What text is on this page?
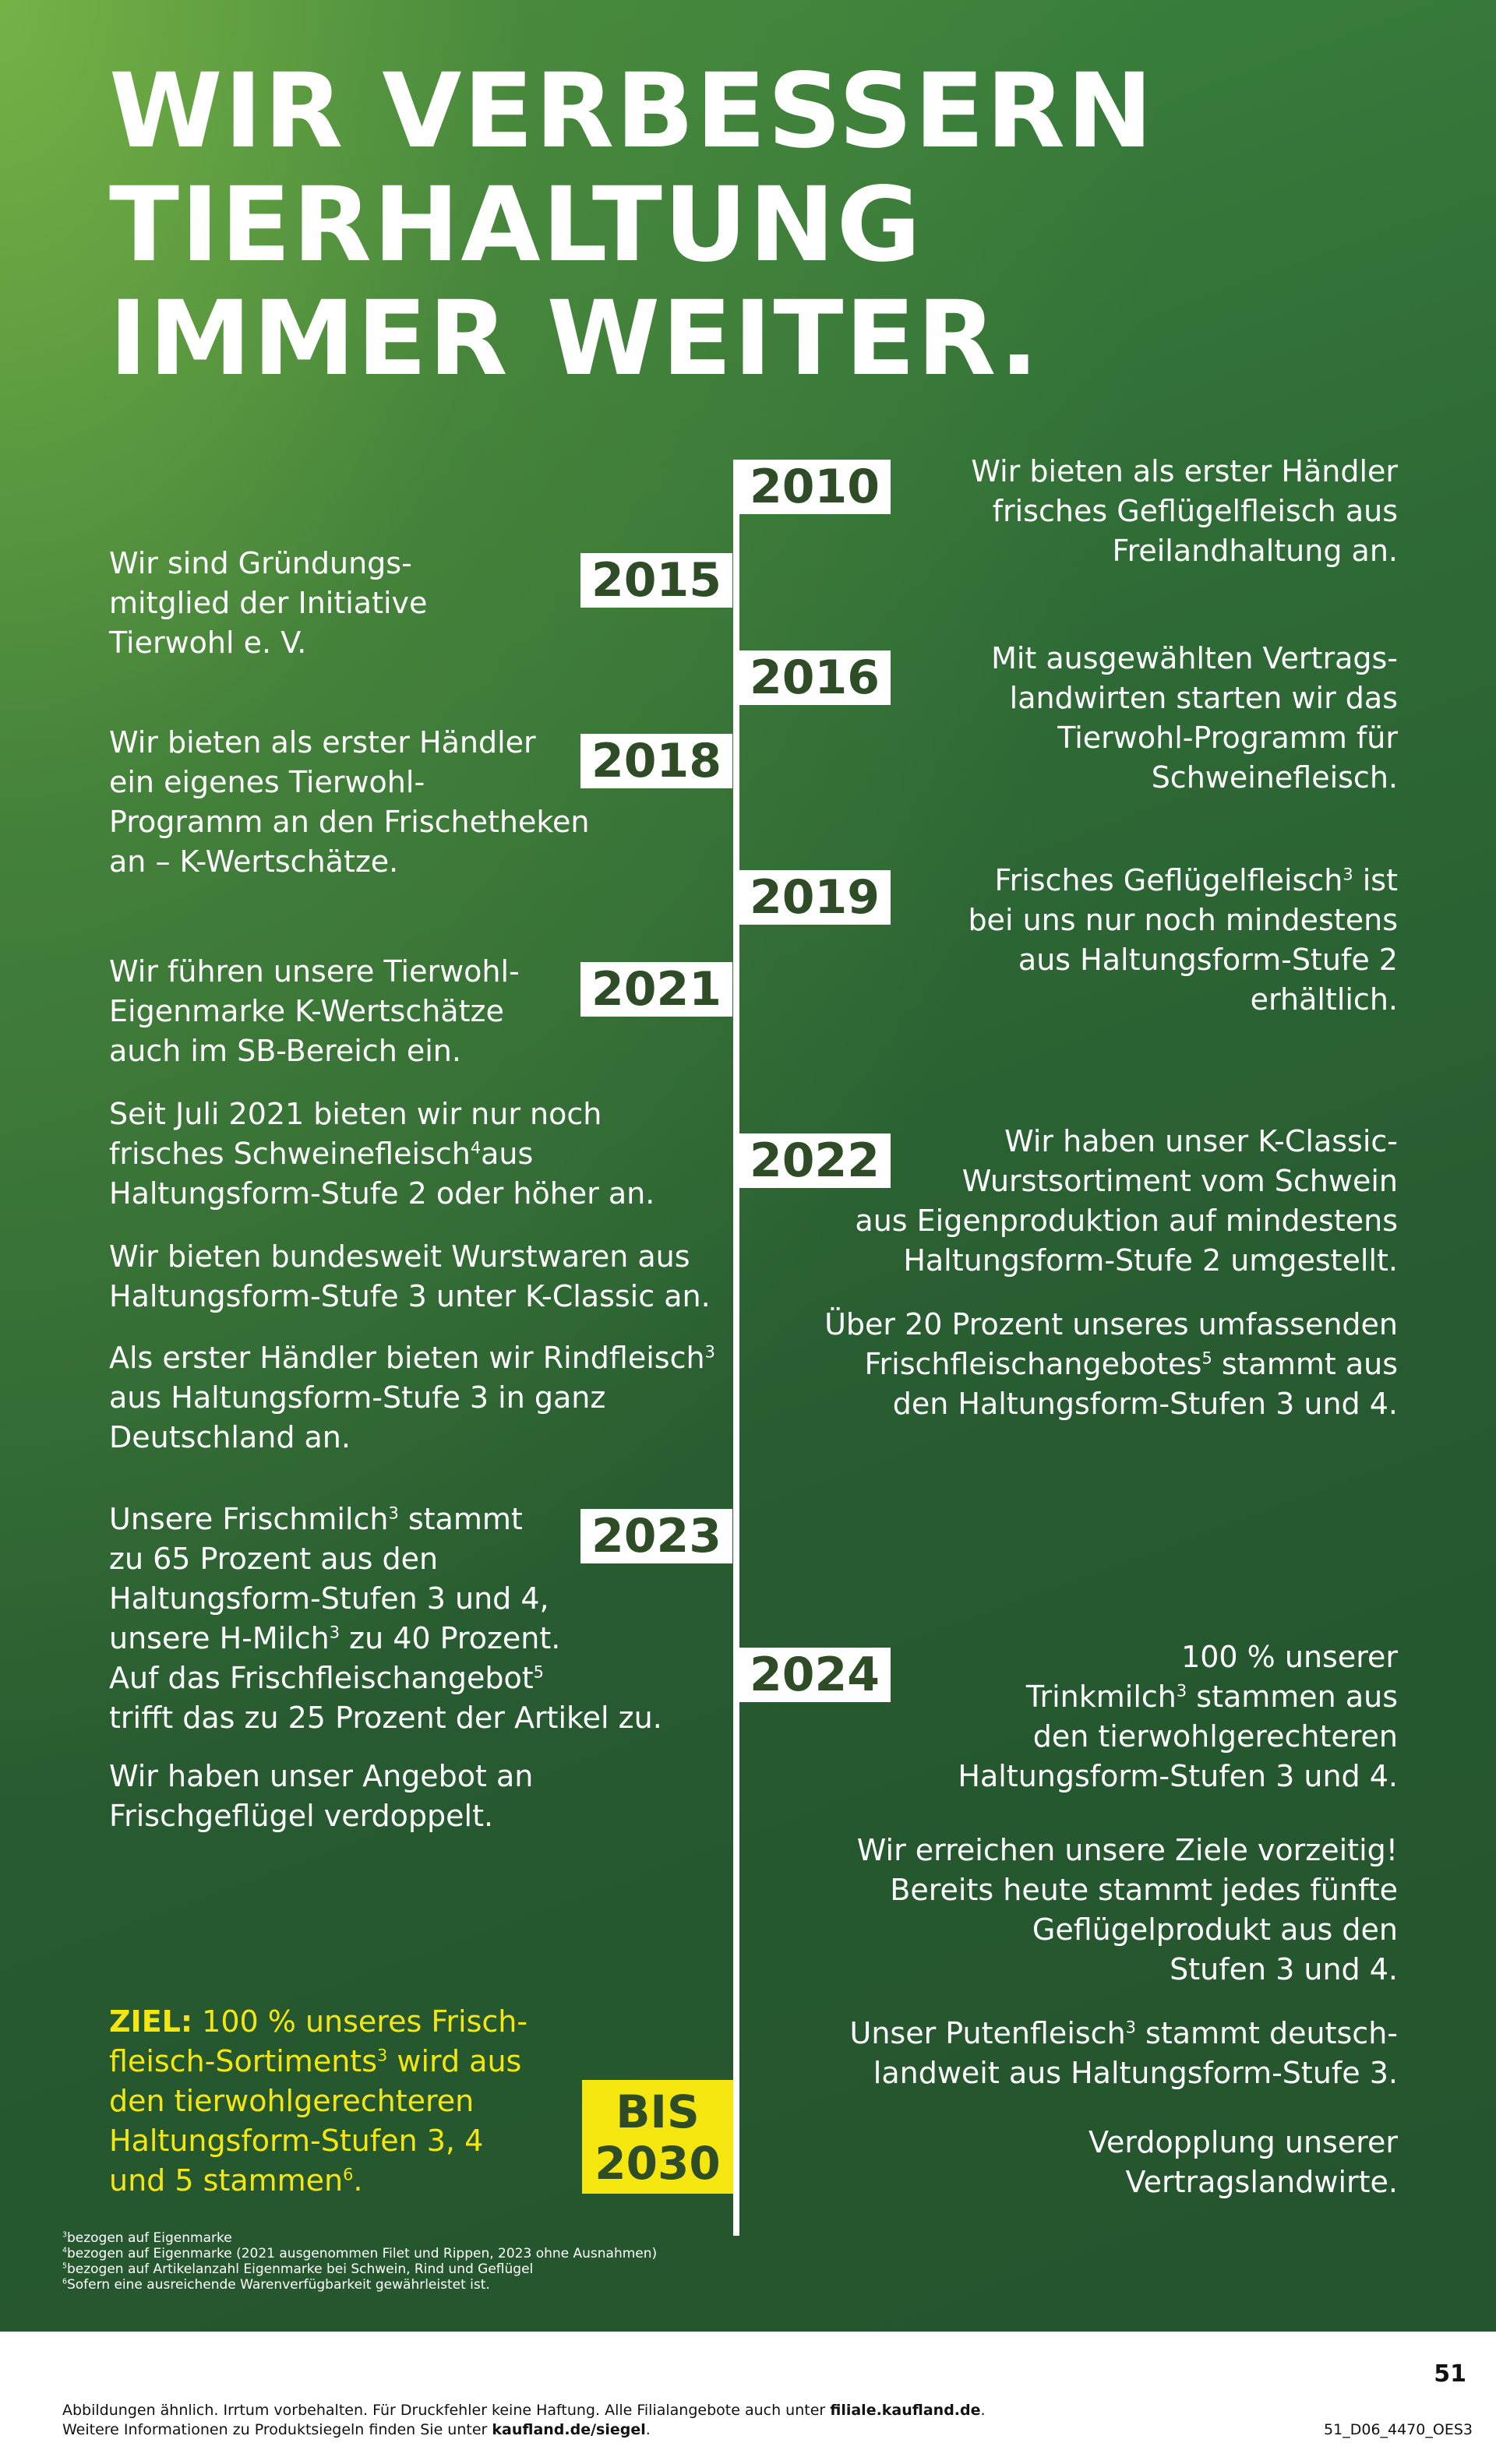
WIR VERBESSERN
TIERHALTUNG
IMMER WEITER.
2010
2015
2016
2018
2019
2021
2022
2023
2024
BIS
2030
Wir bieten als erster Händler
frisches Geflügelfleisch aus
Freilandhaltung an.
Mit ausgewählten Vertrags-
landwirten starten wir das
Tierwohl-Programm für
Schweinefleisch.
Frisches Geflügelfleisch$^3$ ist
bei uns nur noch mindestens
aus Haltungsform-Stufe 2
erhältlich.
Wir haben unser K-Classic-
Wurstsortiment vom Schwein
aus Eigenproduktion auf mindestens
Haltungsform-Stufe 2 umgestellt.
Über 20 Prozent unseres umfassenden
Frischfleischangebotes$^5$ stammt aus
den Haltungsform-Stufen 3 und 4.
100 % unserer
Trinkmilch$^3$ stammen aus
den tierwohlgerechteren
Haltungsform-Stufen 3 und 4.
Wir erreichen unsere Ziele vorzeitig!
Bereits heute stammt jedes fünfte
Geflügelprodukt aus den
Stufen 3 und 4.
Unser Putenfleisch$^3$ stammt deutsch-
landweit aus Haltungsform-Stufe 3.
Verdopplung unserer
Vertragslandwirte.
Wir sind Gründungs-
mitglied der Initiative
Tierwohl e. V.
Wir bieten als erster Händler
ein eigenes Tierwohl-
Programm an den Frischetheken
an – K-Wertschätze.
Wir führen unsere Tierwohl-
Eigenmarke K-Wertschätze
auch im SB-Bereich ein.
Seit Juli 2021 bieten wir nur noch
frisches Schweinefleisch$^4$aus
Haltungsform-Stufe 2 oder höher an.
Wir bieten bundesweit Wurstwaren aus
Haltungsform-Stufe 3 unter K-Classic an.
Als erster Händler bieten wir Rindfleisch$^3$
aus Haltungsform-Stufe 3 in ganz
Deutschland an.
Unsere Frischmilch$^3$ stammt
zu 65 Prozent aus den
Haltungsform-Stufen 3 und 4,
unsere H-Milch$^3$ zu 40 Prozent.
Auf das Frischfleischangebot$^5$
trifft das zu 25 Prozent der Artikel zu.
Wir haben unser Angebot an
Frischgeflügel verdoppelt.
ZIEL: 100 % unseres Frisch-
fleisch-Sortiments$^3$ wird aus
den tierwohlgerechteren
Haltungsform-Stufen 3, 4
und 5 stammen$^6$.
$^3$bezogen auf Eigenmarke
$^4$bezogen auf Eigenmarke (2021 ausgenommen Filet und Rippen, 2023 ohne Ausnahmen)
$^5$bezogen auf Artikelanzahl Eigenmarke bei Schwein, Rind und Geflügel
$^6$Sofern eine ausreichende Warenverfügbarkeit gewährleistet ist.
51
Abbildungen ähnlich. Irrtum vorbehalten. Für Druckfehler keine Haftung. Alle Filialangebote auch unter filiale.kaufland.de.
Weitere Informationen zu Produktsiegeln finden Sie unter kaufland.de/siegel.	51_D06_4470_OES3
